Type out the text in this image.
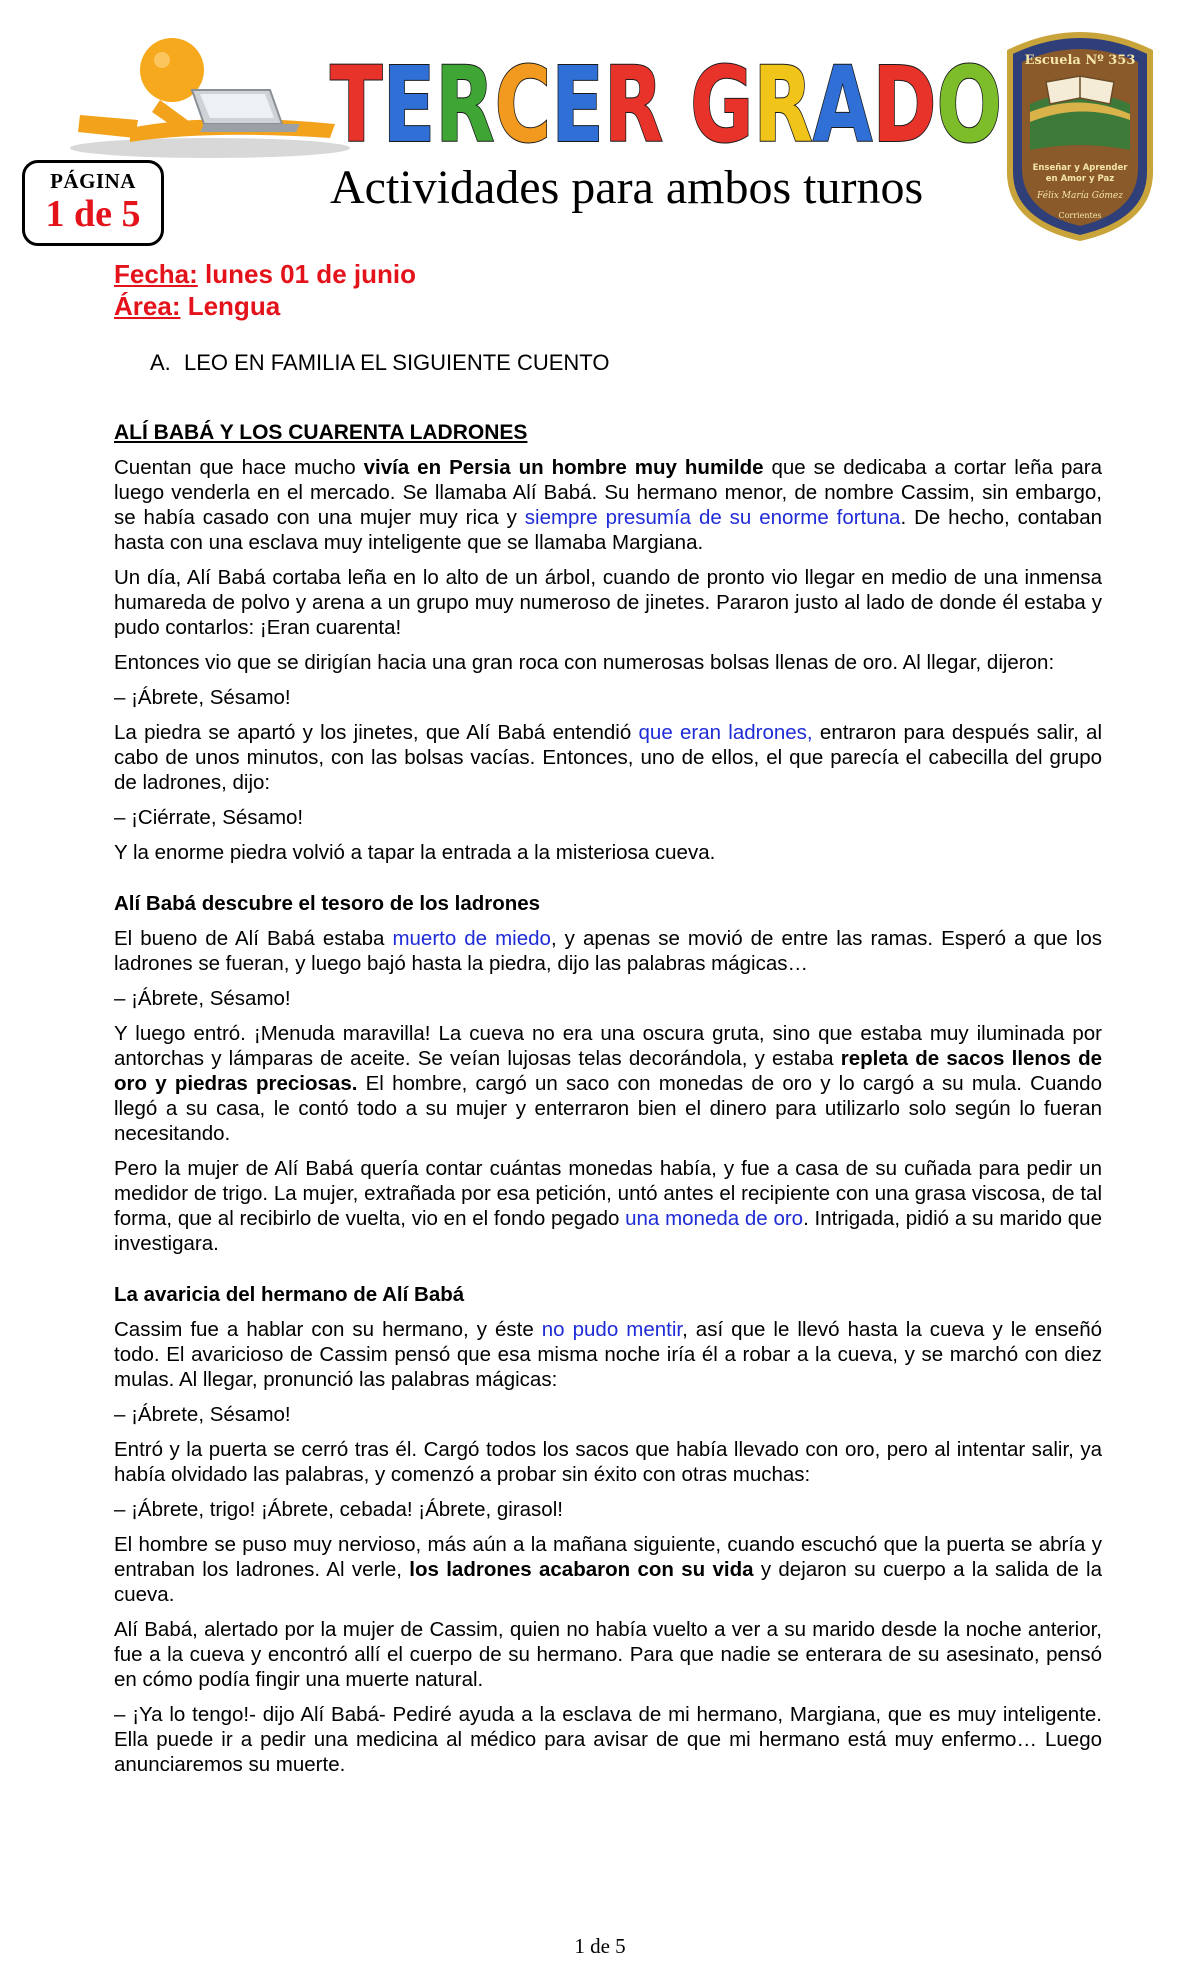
TERCER GRADO Escuela Nº 353
Enseñar y Aprender
en Amor y Paz
Félix María Gómez
Corrientes
PÁGINA
1 de 5	Actividades para ambos turnos
Fecha: lunes 01 de junio
Área: Lengua
A. LEO EN FAMILIA EL SIGUIENTE CUENTO

ALÍ BABÁ Y LOS CUARENTA LADRONES

Cuentan que hace mucho vivía en Persia un hombre muy humilde que se dedicaba a cortar leña para luego venderla en el mercado. Se llamaba Alí Babá. Su hermano menor, de nombre Cassim, sin embargo, se había casado con una mujer muy rica y siempre presumía de su enorme fortuna. De hecho, contaban hasta con una esclava muy inteligente que se llamaba Margiana.

Un día, Alí Babá cortaba leña en lo alto de un árbol, cuando de pronto vio llegar en medio de una inmensa humareda de polvo y arena a un grupo muy numeroso de jinetes. Pararon justo al lado de donde él estaba y pudo contarlos: ¡Eran cuarenta!

Entonces vio que se dirigían hacia una gran roca con numerosas bolsas llenas de oro. Al llegar, dijeron:

– ¡Ábrete, Sésamo!

La piedra se apartó y los jinetes, que Alí Babá entendió que eran ladrones, entraron para después salir, al cabo de unos minutos, con las bolsas vacías. Entonces, uno de ellos, el que parecía el cabecilla del grupo de ladrones, dijo:

– ¡Ciérrate, Sésamo!

Y la enorme piedra volvió a tapar la entrada a la misteriosa cueva.

Alí Babá descubre el tesoro de los ladrones

El bueno de Alí Babá estaba muerto de miedo, y apenas se movió de entre las ramas. Esperó a que los ladrones se fueran, y luego bajó hasta la piedra, dijo las palabras mágicas…

– ¡Ábrete, Sésamo!

Y luego entró. ¡Menuda maravilla! La cueva no era una oscura gruta, sino que estaba muy iluminada por antorchas y lámparas de aceite. Se veían lujosas telas decorándola, y estaba repleta de sacos llenos de oro y piedras preciosas. El hombre, cargó un saco con monedas de oro y lo cargó a su mula. Cuando llegó a su casa, le contó todo a su mujer y enterraron bien el dinero para utilizarlo solo según lo fueran necesitando.

Pero la mujer de Alí Babá quería contar cuántas monedas había, y fue a casa de su cuñada para pedir un medidor de trigo. La mujer, extrañada por esa petición, untó antes el recipiente con una grasa viscosa, de tal forma, que al recibirlo de vuelta, vio en el fondo pegado una moneda de oro. Intrigada, pidió a su marido que investigara.

La avaricia del hermano de Alí Babá

Cassim fue a hablar con su hermano, y éste no pudo mentir, así que le llevó hasta la cueva y le enseñó todo. El avaricioso de Cassim pensó que esa misma noche iría él a robar a la cueva, y se marchó con diez mulas. Al llegar, pronunció las palabras mágicas:

– ¡Ábrete, Sésamo!

Entró y la puerta se cerró tras él. Cargó todos los sacos que había llevado con oro, pero al intentar salir, ya había olvidado las palabras, y comenzó a probar sin éxito con otras muchas:

– ¡Ábrete, trigo! ¡Ábrete, cebada! ¡Ábrete, girasol!

El hombre se puso muy nervioso, más aún a la mañana siguiente, cuando escuchó que la puerta se abría y entraban los ladrones. Al verle, los ladrones acabaron con su vida y dejaron su cuerpo a la salida de la cueva.

Alí Babá, alertado por la mujer de Cassim, quien no había vuelto a ver a su marido desde la noche anterior, fue a la cueva y encontró allí el cuerpo de su hermano. Para que nadie se enterara de su asesinato, pensó en cómo podía fingir una muerte natural.

– ¡Ya lo tengo!- dijo Alí Babá- Pediré ayuda a la esclava de mi hermano, Margiana, que es muy inteligente. Ella puede ir a pedir una medicina al médico para avisar de que mi hermano está muy enfermo… Luego anunciaremos su muerte.

1 de 5
